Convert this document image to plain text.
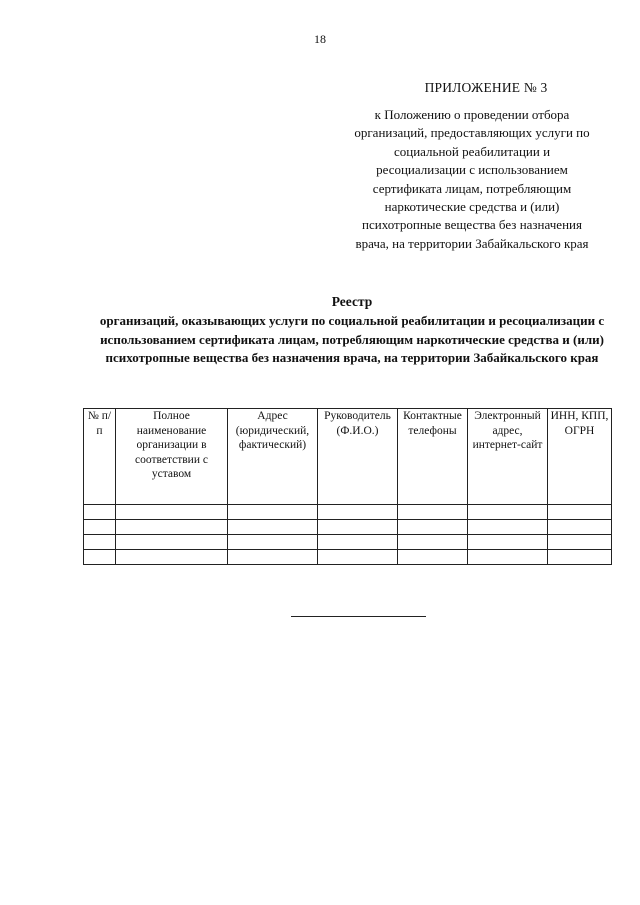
18
ПРИЛОЖЕНИЕ № 3
к Положению о проведении отбора
организаций, предоставляющих услуги по
социальной реабилитации и
ресоциализации с использованием
сертификата лицам, потребляющим
наркотические средства и (или)
психотропные вещества без назначения
врача, на территории Забайкальского края
Реестр
организаций, оказывающих услуги по социальной реабилитации и ресоциализации с использованием сертификата лицам, потребляющим наркотические средства и (или) психотропные вещества без назначения врача, на территории Забайкальского края
№ п/п	Полное наименование организации в соответствии с уставом	Адрес (юридический, фактический)	Руководитель (Ф.И.О.)	Контактные телефоны	Электронный адрес, интернет-сайт	ИНН, КПП, ОГРН
